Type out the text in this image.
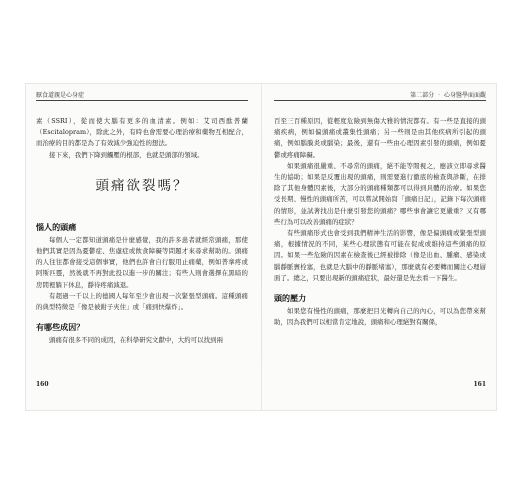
厭食道親是心身症

素（SSRI），從而使大腦有更多的血清素。例如：艾司西酞普蘭（Escitalopram），除此之外，有時也會需要心理治療和藥物互相配合，而治療的目的都是為了有效減少強迫性的想法。

接下來，我們下降到觸壓的根部，也就是頭部的領域。

頭痛欲裂嗎？
惱人的頭痛

每個人一定都知道頭痛是什麼感覺，我的許多患者就經常頭痛，那使他們其實是因為憂鬱症、焦慮症或飲食障礙等問題才來尋求幫助的。頭痛的人往往都會接受這個事實，他們也許會自行服用止痛藥，例如普拿疼或阿斯匹靈，然後就不再對此投以進一步的關注；有些人則會選擇在黑暗的房間裡躺下休息，靜待疼痛減退。

有超過一千以上的德國人每年至少會出現一次緊張型頭痛。這種頭痛的典型特徵是「像是被鉗子夾住」或「痛到快爆炸」。

有哪些成因？

頭痛有很多不同的成因，在科學研究文獻中，大約可以找到兩

160
第二部分 ‧ 心身醫學面面觀

百至三百種原因，從輕度危險到無傷大雅的情況都有。有一些是直接的頭痛疾病，例如偏頭痛或叢集性頭痛；另一些則是由其他疾病所引起的頭痛，例如腦膜炎或腦染；最後，還有一些由心理因素引發的頭痛，例如憂鬱或疼痛障礙。

如果頭痛很嚴重、不尋常的頭痛，絕不能等閒視之，應該立即尋求醫生的協助；如果是反覆出現的頭痛，則需要進行徹底的檢查與診斷，在排除了其他身體因素後，大部分的頭痛種類都可以得到具體的治療。如果您受長期、慢性的頭痛所苦，可以嘗試開始寫「頭痛日記」，記錄下每次頭痛的情形，並試著找出是什麼引發您的頭痛？哪些事會讓它更嚴重？又有哪些行為可以改善頭痛的症狀？

有些頭痛形式也會受到我們精神生活的影響，像是偏頭痛或緊張型頭痛，根據情況的不同，某些心理狀態有可能在促成或維持這些頭痛的原因。如果一些危險的因素在檢查後已經被排除（像是出血、腫瘤、感染或腦靜脈竇栓塞，也就是大腦中的靜脈堵塞），那麼就有必要轉而關注心理層面了。總之，只要出現新的頭痛症狀，最好還是先去看一下醫生。

頭的壓力

如果您有慢性的頭痛，那麼把目光轉向自己的內心，可以為您帶來幫助，因為我們可以相當肯定地說，頭痛和心理絕對有關係，

161
